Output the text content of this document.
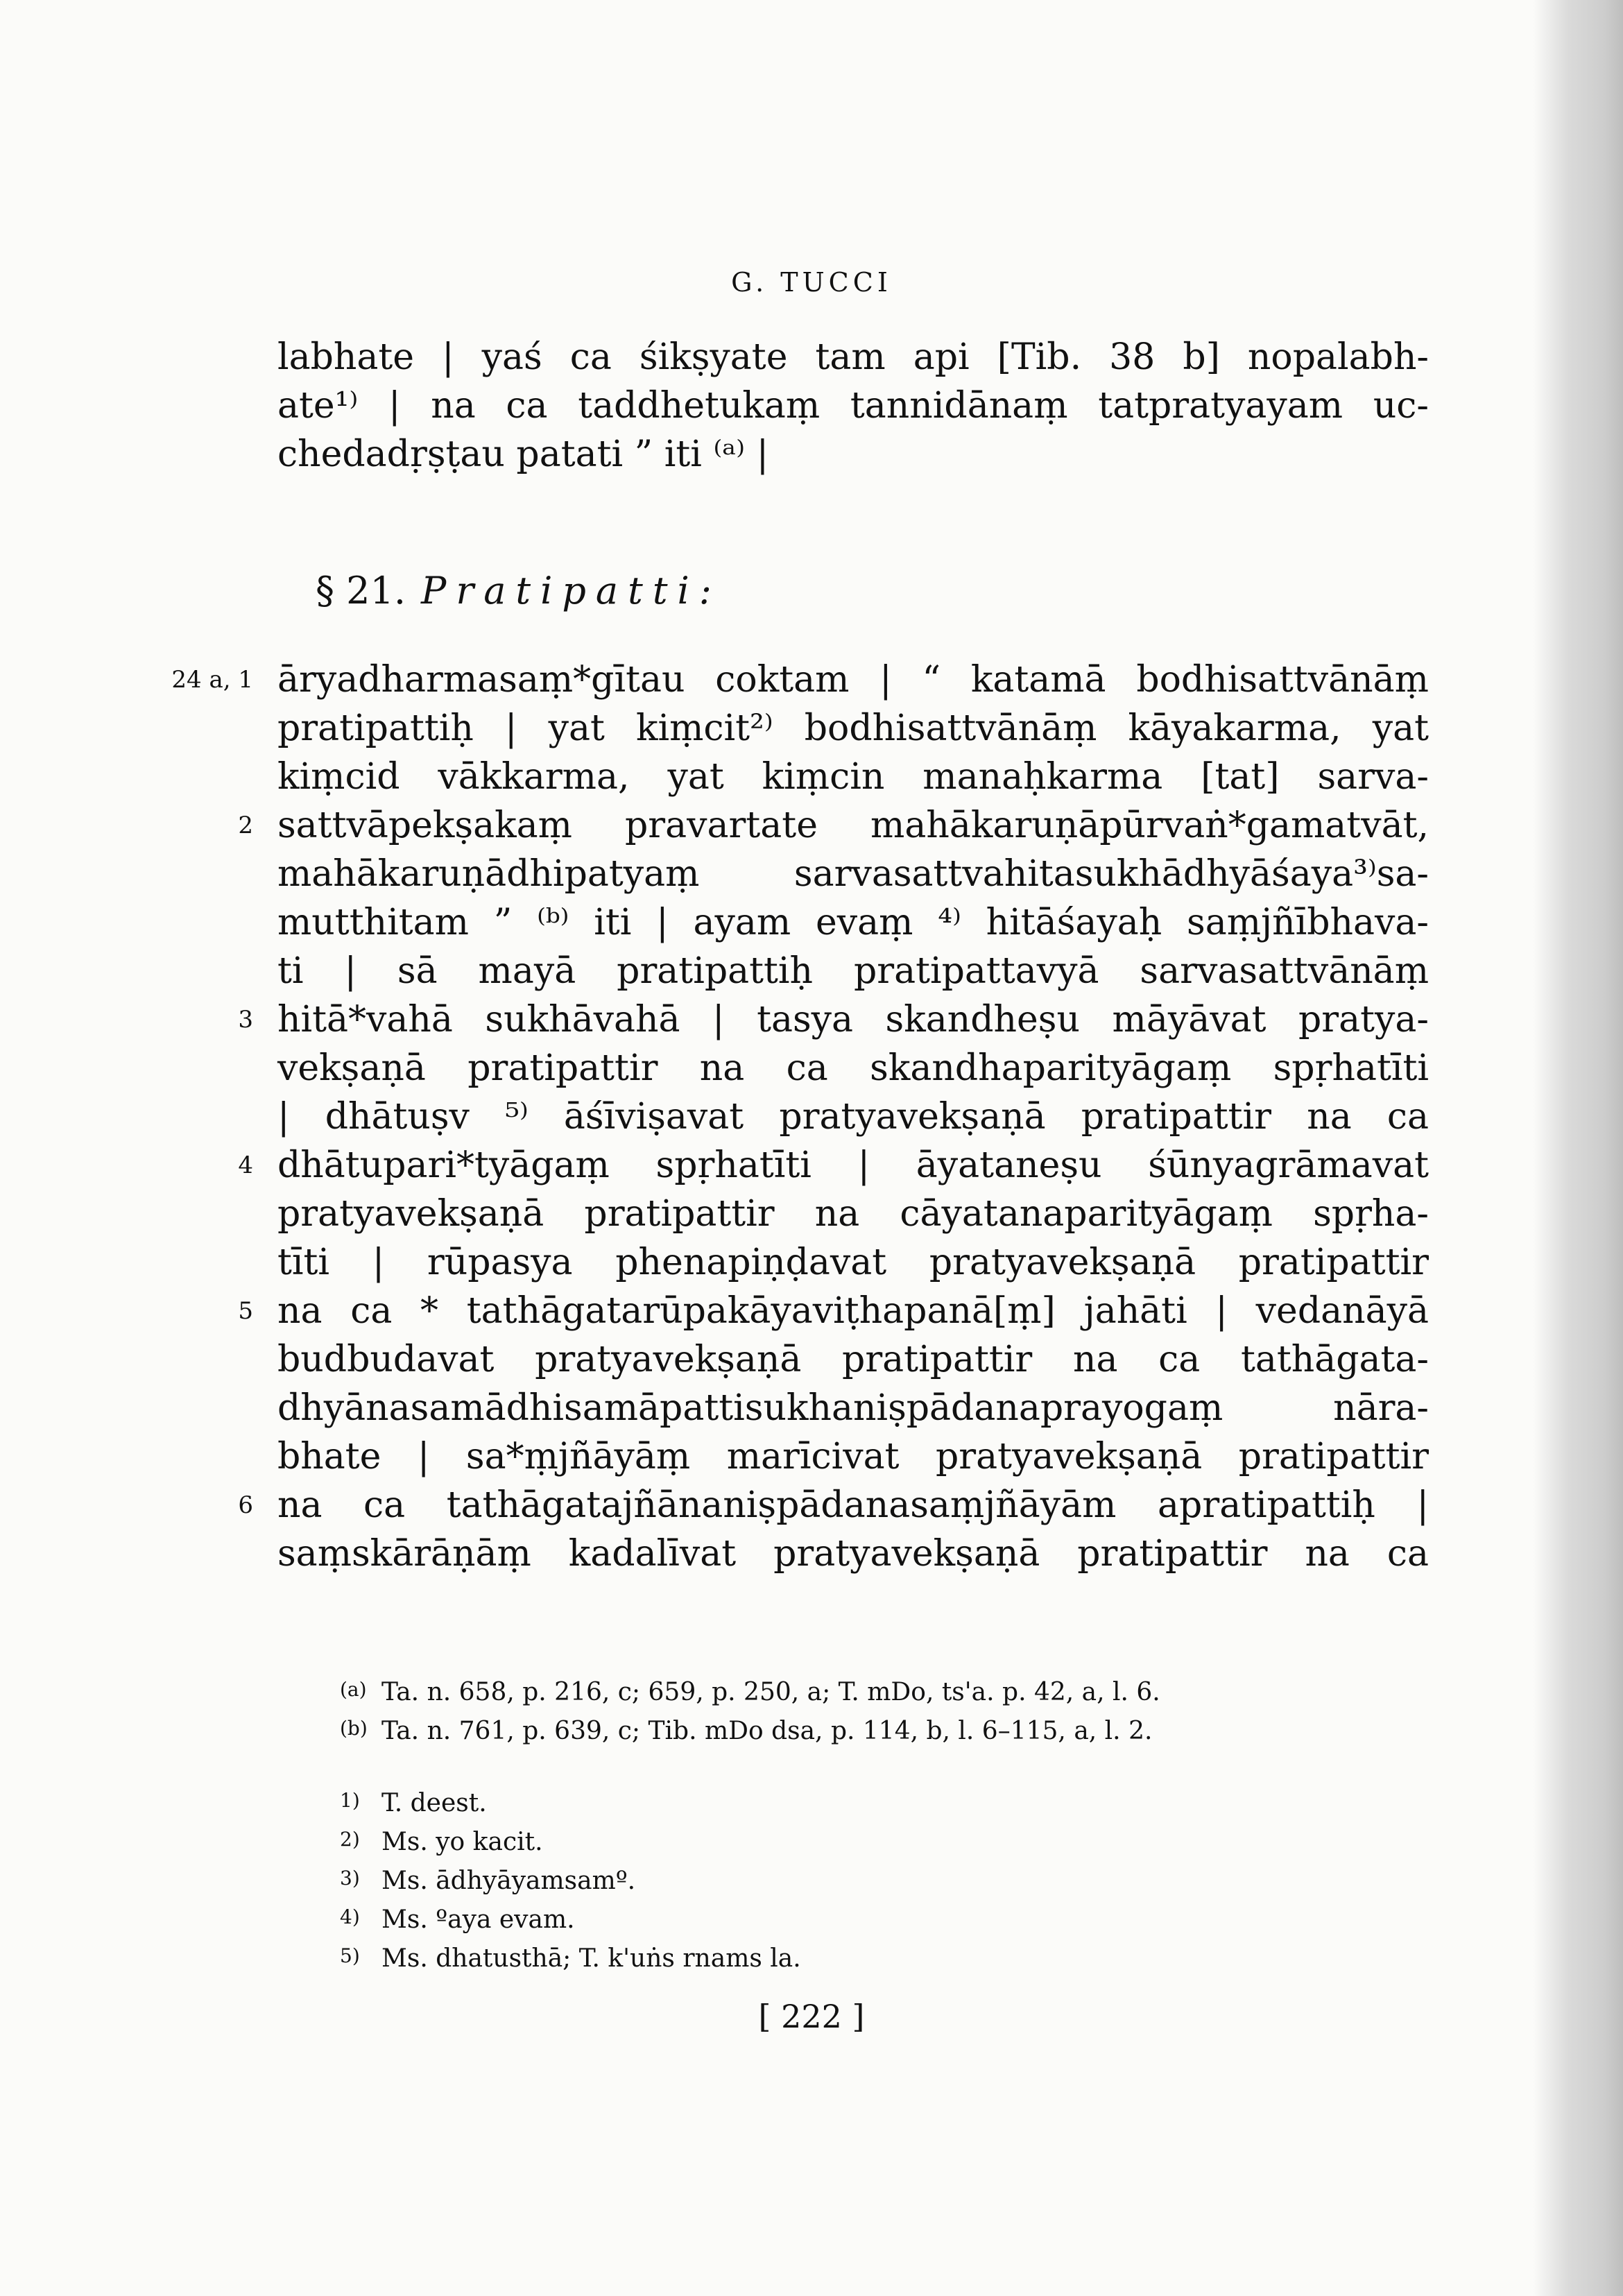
G. TUCCI
labhate | yaś ca śikṣyate tam api [Tib. 38 b] nopalabh-
ate¹⁾ | na ca taddhetukaṃ tannidānaṃ tatpratyayam uc-
chedadṛṣṭau patati ” iti ⁽ᵃ⁾ |
§ 21. Pratipatti:
24 a, 1
2
3
4
5
6
āryadharmasaṃ*gītau coktam | “ katamā bodhisattvānāṃ
pratipattiḥ | yat kiṃcit²⁾ bodhisattvānāṃ kāyakarma, yat
kiṃcid vākkarma, yat kiṃcin manaḥkarma [tat] sarva-
sattvāpekṣakaṃ pravartate mahākaruṇāpūrvaṅ*gamatvāt,
mahākaruṇādhipatyaṃ sarvasattvahitasukhādhyāśaya³⁾sa-
mutthitam ” ⁽ᵇ⁾ iti | ayam evaṃ ⁴⁾ hitāśayaḥ saṃjñībhava-
ti | sā mayā pratipattiḥ pratipattavyā sarvasattvānāṃ
hitā*vahā sukhāvahā | tasya skandheṣu māyāvat pratya-
vekṣaṇā pratipattir na ca skandhaparityāgaṃ spṛhatīti
| dhātuṣv ⁵⁾ āśīviṣavat pratyavekṣaṇā pratipattir na ca
dhātupari*tyāgaṃ spṛhatīti | āyataneṣu śūnyagrāmavat
pratyavekṣaṇā pratipattir na cāyatanaparityāgaṃ spṛha-
tīti | rūpasya phenapiṇḍavat pratyavekṣaṇā pratipattir
na ca * tathāgatarūpakāyaviṭhapanā[ṃ] jahāti | vedanāyā
budbudavat pratyavekṣaṇā pratipattir na ca tathāgata-
dhyānasamādhisamāpattisukhaniṣpādanaprayogaṃ nāra-
bhate | sa*ṃjñāyāṃ marīcivat pratyavekṣaṇā pratipattir
na ca tathāgatajñānaniṣpādanasaṃjñāyām apratipattiḥ |
saṃskārāṇāṃ kadalīvat pratyavekṣaṇā pratipattir na ca
(a) Ta. n. 658, p. 216, c; 659, p. 250, a; T. mDo, ts'a. p. 42, a, l. 6.
(b) Ta. n. 761, p. 639, c; Tib. mDo dsa, p. 114, b, l. 6–115, a, l. 2.
1) T. deest.
2) Ms. yo kacit.
3) Ms. ādhyāyamsamº.
4) Ms. ºaya evam.
5) Ms. dhatusthā; T. k'uṅs rnams la.
[ 222 ]
